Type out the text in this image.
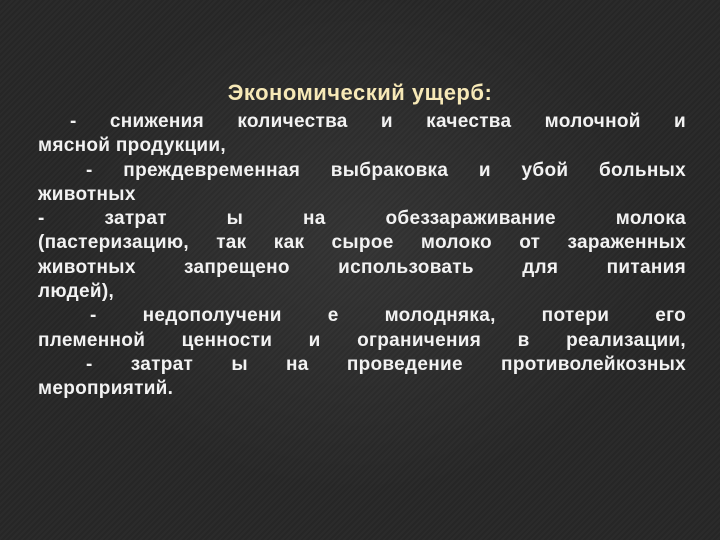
Экономический ущерб:
- снижения количества и качества молочной и
мясной продукции,
- преждевременная выбраковка и убой больных
животных
- затрат ы на обеззараживание молока
(пастеризацию, так как сырое молоко от зараженных
животных запрещено использовать для питания
людей),
- недополучени е молодняка, потери его
племенной ценности и ограничения в реализации,
- затрат ы на проведение противолейкозных
мероприятий.
